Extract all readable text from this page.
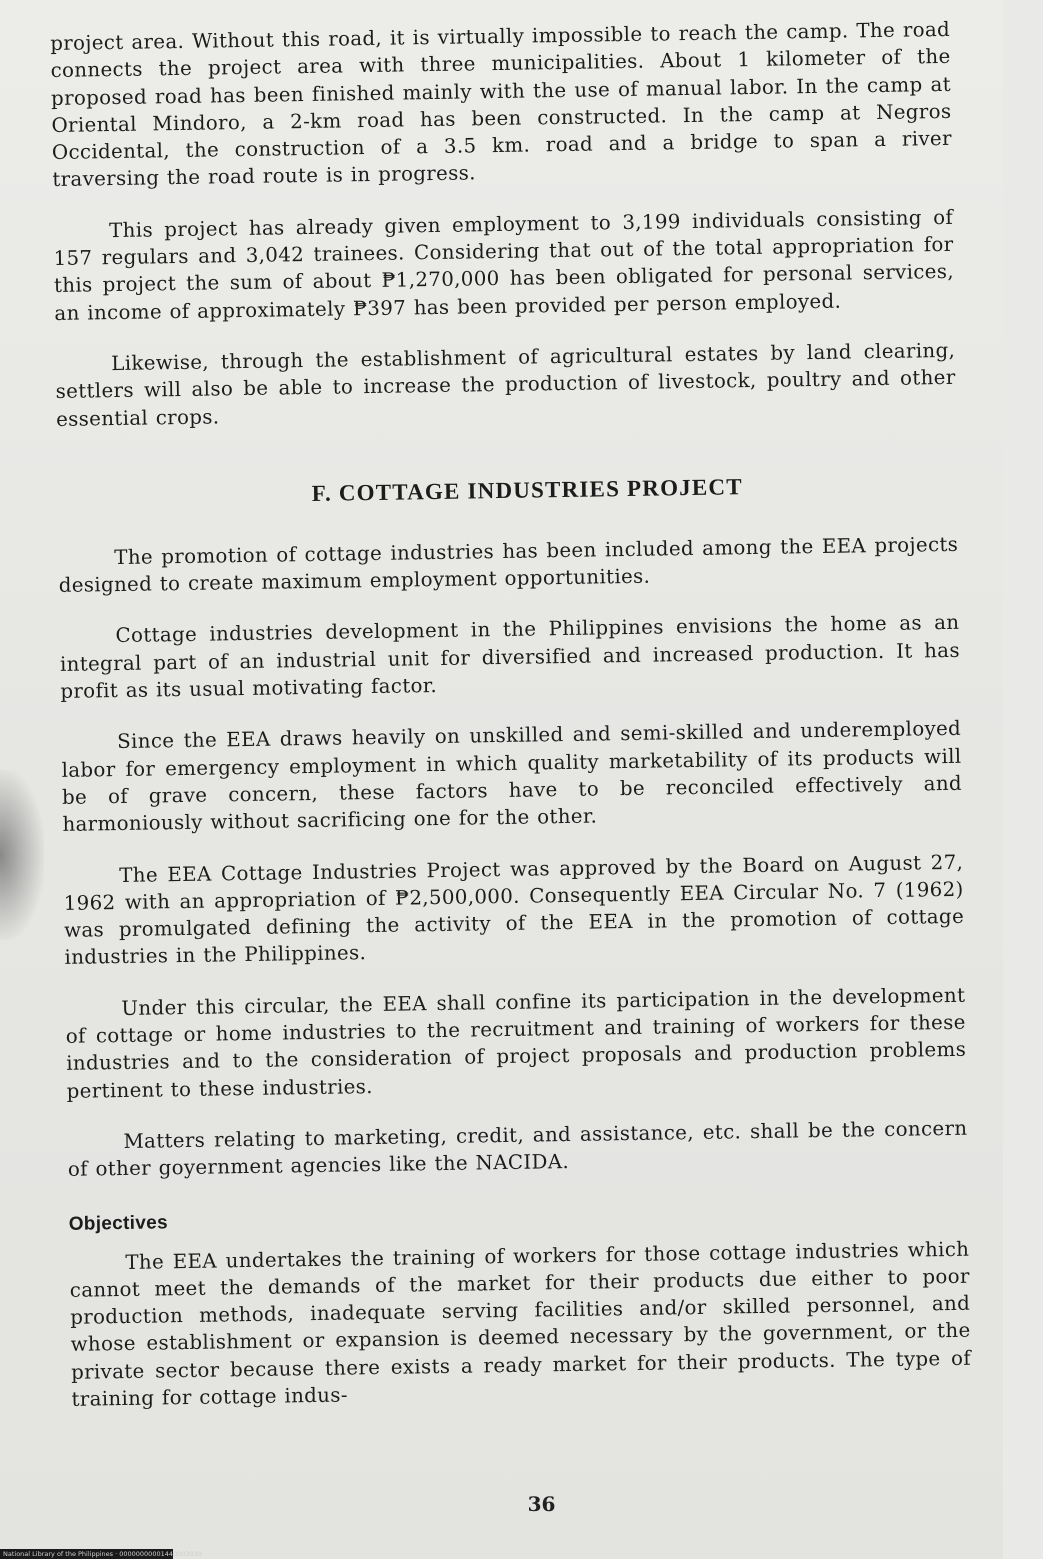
project area. Without this road, it is virtually impossible to reach the camp. The road connects the project area with three municipalities. About 1 kilometer of the proposed road has been finished mainly with the use of manual labor. In the camp at Oriental Mindoro, a 2-km road has been constructed. In the camp at Negros Occidental, the construction of a 3.5 km. road and a bridge to span a river traversing the road route is in progress.

This project has already given employment to 3,199 individuals consisting of 157 regulars and 3,042 trainees. Considering that out of the total appropriation for this project the sum of about ₱1,270,000 has been obligated for personal services, an income of approximately ₱397 has been provided per person employed.

Likewise, through the establishment of agricultural estates by land clearing, settlers will also be able to increase the production of livestock, poultry and other essential crops.

F. COTTAGE INDUSTRIES PROJECT

The promotion of cottage industries has been included among the EEA projects designed to create maximum employment opportunities.

Cottage industries development in the Philippines envisions the home as an integral part of an industrial unit for diversified and increased production. It has profit as its usual motivating factor.

Since the EEA draws heavily on unskilled and semi-skilled and underemployed labor for emergency employment in which quality marketability of its products will be of grave concern, these factors have to be reconciled effectively and harmoniously without sacrificing one for the other.

The EEA Cottage Industries Project was approved by the Board on August 27, 1962 with an appropriation of ₱2,500,000. Consequently EEA Circular No. 7 (1962) was promulgated defining the activity of the EEA in the promotion of cottage industries in the Philippines.

Under this circular, the EEA shall confine its participation in the development of cottage or home industries to the recruitment and training of workers for these industries and to the consideration of project proposals and production problems pertinent to these industries.

Matters relating to marketing, credit, and assistance, etc. shall be the concern of other goyernment agencies like the NACIDA.

Objectives

The EEA undertakes the training of workers for those cottage industries which cannot meet the demands of the market for their products due either to poor production methods, inadequate serving facilities and/or skilled personnel, and whose establishment or expansion is deemed necessary by the government, or the private sector because there exists a ready market for their products. The type of training for cottage indus-

36
National Library of the Philippines · 00000000001440003930
